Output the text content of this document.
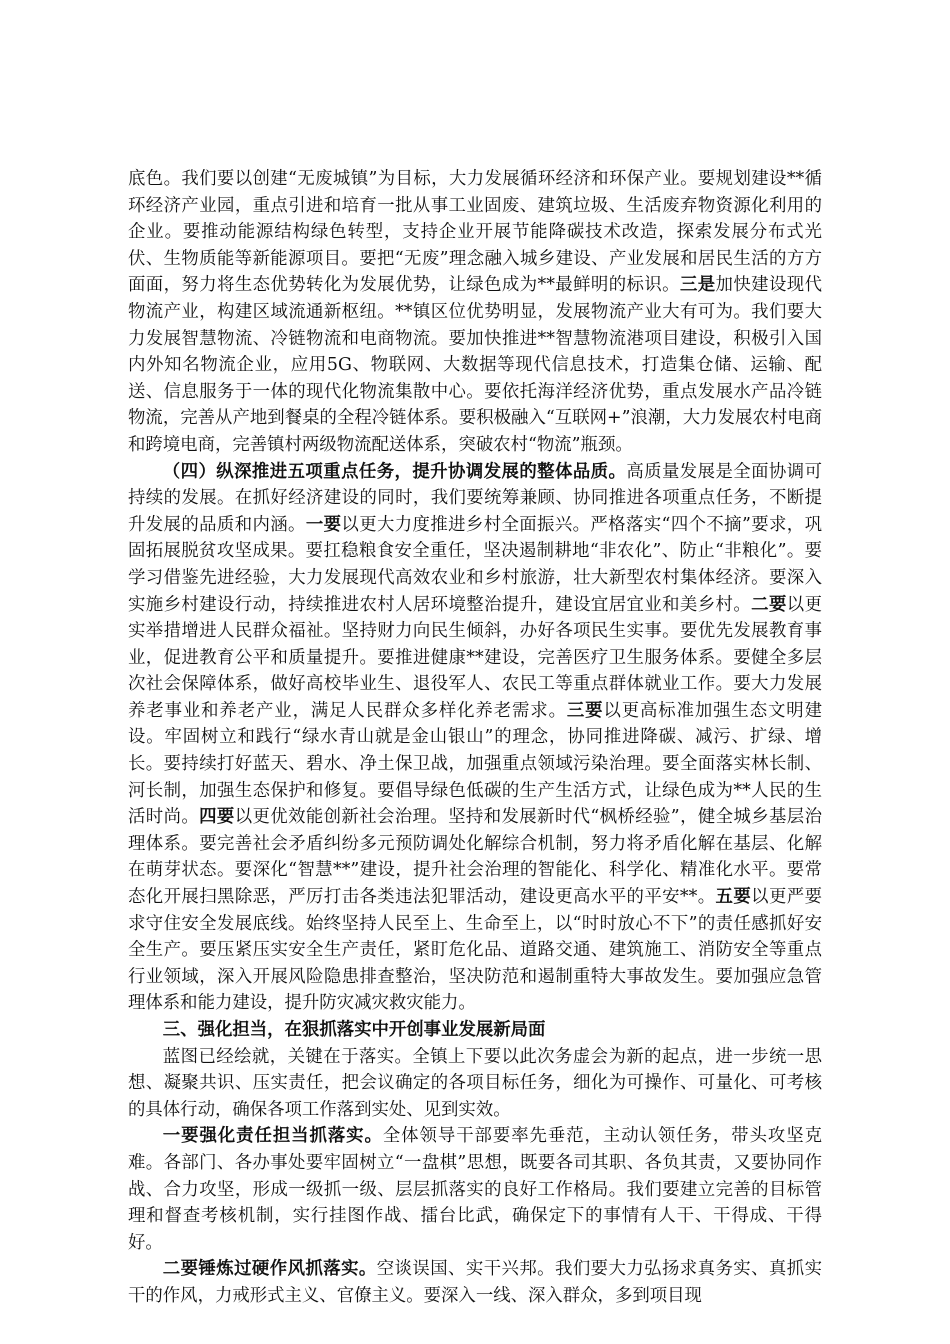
底色。我们要以创建“无废城镇”为目标，大力发展循环经济和环保产业。要规划建设**循环经济产业园，重点引进和培育一批从事工业固废、建筑垃圾、生活废弃物资源化利用的企业。要推动能源结构绿色转型，支持企业开展节能降碳技术改造，探索发展分布式光伏、生物质能等新能源项目。要把“无废”理念融入城乡建设、产业发展和居民生活的方方面面，努力将生态优势转化为发展优势，让绿色成为**最鲜明的标识。三是加快建设现代物流产业，构建区域流通新枢纽。**镇区位优势明显，发展物流产业大有可为。我们要大力发展智慧物流、冷链物流和电商物流。要加快推进**智慧物流港项目建设，积极引入国内外知名物流企业，应用5G、物联网、大数据等现代信息技术，打造集仓储、运输、配送、信息服务于一体的现代化物流集散中心。要依托海洋经济优势，重点发展水产品冷链物流，完善从产地到餐桌的全程冷链体系。要积极融入“互联网+”浪潮，大力发展农村电商和跨境电商，完善镇村两级物流配送体系，突破农村“物流”瓶颈。

（四）纵深推进五项重点任务，提升协调发展的整体品质。高质量发展是全面协调可持续的发展。在抓好经济建设的同时，我们要统筹兼顾、协同推进各项重点任务，不断提升发展的品质和内涵。一要以更大力度推进乡村全面振兴。严格落实“四个不摘”要求，巩固拓展脱贫攻坚成果。要扛稳粮食安全重任，坚决遏制耕地“非农化”、防止“非粮化”。要学习借鉴先进经验，大力发展现代高效农业和乡村旅游，壮大新型农村集体经济。要深入实施乡村建设行动，持续推进农村人居环境整治提升，建设宜居宜业和美乡村。二要以更实举措增进人民群众福祉。坚持财力向民生倾斜，办好各项民生实事。要优先发展教育事业，促进教育公平和质量提升。要推进健康**建设，完善医疗卫生服务体系。要健全多层次社会保障体系，做好高校毕业生、退役军人、农民工等重点群体就业工作。要大力发展养老事业和养老产业，满足人民群众多样化养老需求。三要以更高标准加强生态文明建设。牢固树立和践行“绿水青山就是金山银山”的理念，协同推进降碳、减污、扩绿、增长。要持续打好蓝天、碧水、净土保卫战，加强重点领域污染治理。要全面落实林长制、河长制，加强生态保护和修复。要倡导绿色低碳的生产生活方式，让绿色成为**人民的生活时尚。四要以更优效能创新社会治理。坚持和发展新时代“枫桥经验”，健全城乡基层治理体系。要完善社会矛盾纠纷多元预防调处化解综合机制，努力将矛盾化解在基层、化解在萌芽状态。要深化“智慧**”建设，提升社会治理的智能化、科学化、精准化水平。要常态化开展扫黑除恶，严厉打击各类违法犯罪活动，建设更高水平的平安**。五要以更严要求守住安全发展底线。始终坚持人民至上、生命至上，以“时时放心不下”的责任感抓好安全生产。要压紧压实安全生产责任，紧盯危化品、道路交通、建筑施工、消防安全等重点行业领域，深入开展风险隐患排查整治，坚决防范和遏制重特大事故发生。要加强应急管理体系和能力建设，提升防灾减灾救灾能力。

三、强化担当，在狠抓落实中开创事业发展新局面

蓝图已经绘就，关键在于落实。全镇上下要以此次务虚会为新的起点，进一步统一思想、凝聚共识、压实责任，把会议确定的各项目标任务，细化为可操作、可量化、可考核的具体行动，确保各项工作落到实处、见到实效。

一要强化责任担当抓落实。全体领导干部要率先垂范，主动认领任务，带头攻坚克难。各部门、各办事处要牢固树立“一盘棋”思想，既要各司其职、各负其责，又要协同作战、合力攻坚，形成一级抓一级、层层抓落实的良好工作格局。我们要建立完善的目标管理和督查考核机制，实行挂图作战、擂台比武，确保定下的事情有人干、干得成、干得好。

二要锤炼过硬作风抓落实。空谈误国、实干兴邦。我们要大力弘扬求真务实、真抓实干的作风，力戒形式主义、官僚主义。要深入一线、深入群众，多到项目现
